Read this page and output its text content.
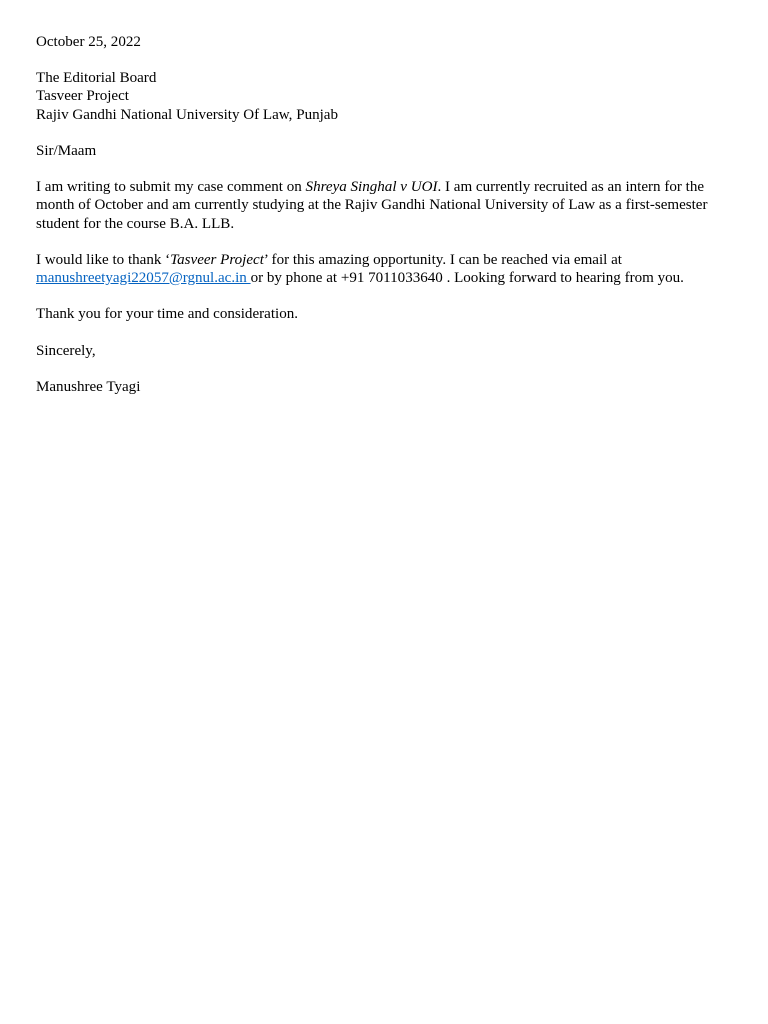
October 25, 2022

The Editorial Board
Tasveer Project
Rajiv Gandhi National University Of Law, Punjab

Sir/Maam

I am writing to submit my case comment on Shreya Singhal v UOI. I am currently recruited as an intern for the month of October and am currently studying at the Rajiv Gandhi National University of Law as a first-semester student for the course B.A. LLB.

I would like to thank ‘Tasveer Project’ for this amazing opportunity. I can be reached via email at manushreetyagi22057@rgnul.ac.in or by phone at +91 7011033640 . Looking forward to hearing from you.

Thank you for your time and consideration.

Sincerely,

Manushree Tyagi
